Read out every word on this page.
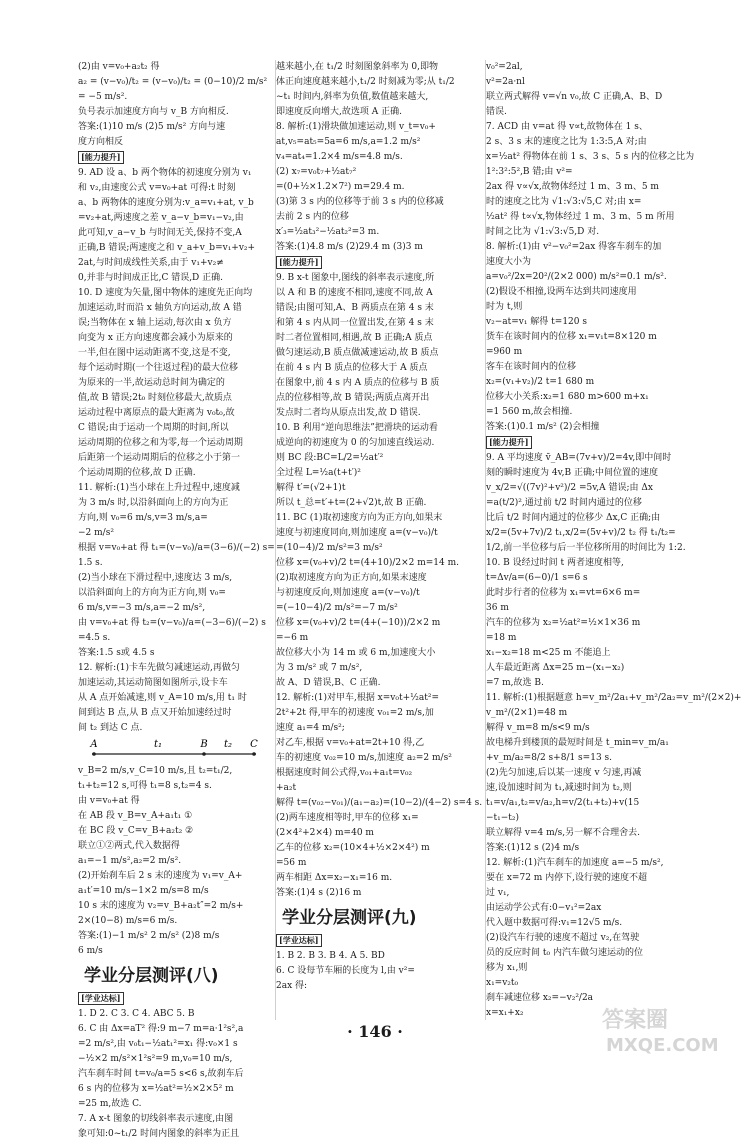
(2)由 v=v₀+a₂t₂ 得
a₂ = (v−v₀)/t₂ = (v−v₀)/t₂ = (0−10)/2 m/s²
= −5 m/s².
负号表示加速度方向与 v_B 方向相反.
答案:(1)10 m/s (2)5 m/s² 方向与速
度方向相反
[能力提升]
9. AD 设 a、b 两个物体的初速度分别为 v₁
和 v₂,由速度公式 v=v₀+at 可得:t 时刻
a、b 两物体的速度分别为:v_a=v₁+at, v_b
=v₂+at,两速度之差 v_a−v_b=v₁−v₂,由
此可知,v_a−v_b 与时间无关,保持不变,A
正确,B 错误;两速度之和 v_a+v_b=v₁+v₂+
2at,与时间成线性关系,由于 v₁+v₂≠
0,并非与时间成正比,C 错误,D 正确.
10. D 速度为矢量,图中物体的速度先正向均
加速运动,时而沿 x 轴负方向运动,故 A 错
误;当物体在 x 轴上运动,每次由 x 负方
向变为 x 正方向速度都会减小为原来的
一半,但在图中运动距离不变,这是不变,
每个运动时期(一个往返过程)的最大位移
为原来的一半,故运动总时间为确定的
值,故 B 错误;2t₀ 时刻位移最大,故质点
运动过程中离原点的最大距离为 v₀t₀,故
C 错误;由于运动一个周期的时间,所以
运动周期的位移之和为零,每一个运动周期
后距第一个运动周期后的位移之小于第一
个运动周期的位移,故 D 正确.
11. 解析:(1)当小球在上升过程中,速度减
为 3 m/s 时,以沿斜面向上的方向为正
方向,则 v₀=6 m/s,v=3 m/s,a=
−2 m/s²
根据 v=v₀+at 得 t₁=(v−v₀)/a=(3−6)/(−2) s=
1.5 s.
(2)当小球在下滑过程中,速度达 3 m/s,
以沿斜面向上的方向为正方向,则 v₀=
6 m/s,v=−3 m/s,a=−2 m/s²,
由 v=v₀+at 得 t₂=(v−v₀)/a=(−3−6)/(−2) s
=4.5 s.
答案:1.5 s或 4.5 s
12. 解析:(1)卡车先做匀减速运动,再做匀
加速运动,其运动简图如图所示,设卡车
从 A 点开始减速,则 v_A=10 m/s,用 t₁ 时
间到达 B 点,从 B 点又开始加速经过时
间 t₂ 到达 C 点.
A	t₁	B t₂ C
v_B=2 m/s,v_C=10 m/s,且 t₂=t₁/2,
t₁+t₂=12 s,可得 t₁=8 s,t₂=4 s.
由 v=v₀+at 得
在 AB 段 v_B=v_A+a₁t₁ ①
在 BC 段 v_C=v_B+a₂t₂ ②
联立①②两式,代入数据得
a₁=−1 m/s²,a₂=2 m/s².
(2)开始刹车后 2 s 末的速度为 v₁=v_A+
a₁t′=10 m/s−1×2 m/s=8 m/s
10 s 末的速度为 v₂=v_B+a₂t″=2 m/s+
2×(10−8) m/s=6 m/s.
答案:(1)−1 m/s² 2 m/s² (2)8 m/s
6 m/s
学业分层测评(八)
[学业达标]
1. D 2. C 3. C 4. ABC 5. B
6. C 由 Δx=aT² 得:9 m−7 m=a·1²s²,a
=2 m/s²,由 v₀t₁−½at₁²=x₁ 得:v₀×1 s
−½×2 m/s²×1²s²=9 m,v₀=10 m/s,
汽车刹车时间 t=v₀/a=5 s<6 s,故刹车后
6 s 内的位移为 x=½at²=½×2×5² m
=25 m,故选 C.
7. A x-t 图象的切线斜率表示速度,由图
象可知:0~t₁/2 时间内图象的斜率为正且
越来越小,在 t₁/2 时刻图象斜率为 0,即物
体正向速度越来越小,t₁/2 时刻减为零;从 t₁/2
~t₁ 时间内,斜率为负值,数值越来越大,
即速度反向增大,故选项 A 正确.
8. 解析:(1)滑块做加速运动,则 v_t=v₀+
at,v₅=at₅=5a=6 m/s,a=1.2 m/s²
v₄=at₄=1.2×4 m/s=4.8 m/s.
(2) x₇=v₀t₇+½at₇²
=(0+½×1.2×7²) m=29.4 m.
(3)第 3 s 内的位移等于前 3 s 内的位移减
去前 2 s 内的位移
x′₃=½at₃²−½at₂²=3 m.
答案:(1)4.8 m/s (2)29.4 m (3)3 m
[能力提升]
9. B x-t 图象中,图线的斜率表示速度,所
以 A 和 B 的速度不相同,速度不同,故 A
错误;由图可知,A、B 两质点在第 4 s 末
和第 4 s 内从同一位置出发,在第 4 s 末
时二者位置相同,相遇,故 B 正确;A 质点
做匀速运动,B 质点做减速运动,故 B 质点
在前 4 s 内 B 质点的位移大于 A 质点
在图象中,前 4 s 内 A 质点的位移与 B 质
点的位移相等,故 B 错误;两质点离开出
发点时二者均从原点出发,故 D 错误.
10. B 利用“逆向思维法”把滑块的运动看
成逆向的初速度为 0 的匀加速直线运动.
则 BC 段:BC=L/2=½at′²
全过程 L=½a(t+t′)²
解得 t′=(√2+1)t
所以 t_总=t′+t=(2+√2)t,故 B 正确.
11. BC (1)取初速度方向为正方向,如果末
速度与初速度同向,则加速度 a=(v−v₀)/t
=(10−4)/2 m/s²=3 m/s²
位移 x=(v₀+v)/2 t=(4+10)/2×2 m=14 m.
(2)取初速度方向为正方向,如果末速度
与初速度反向,则加速度 a=(v−v₀)/t
=(−10−4)/2 m/s²=−7 m/s²
位移 x=(v₀+v)/2 t=(4+(−10))/2×2 m
=−6 m
故位移大小为 14 m 或 6 m,加速度大小
为 3 m/s² 或 7 m/s²,
故 A、D 错误,B、C 正确.
12. 解析:(1)对甲车,根据 x=v₀t+½at²=
2t²+2t 得,甲车的初速度 v₀₁=2 m/s,加
速度 a₁=4 m/s²;
对乙车,根据 v=v₀+at=2t+10 得,乙
车的初速度 v₀₂=10 m/s,加速度 a₂=2 m/s²
根据速度时间公式得,v₀₁+a₁t=v₀₂
+a₂t
解得 t=(v₀₂−v₀₁)/(a₁−a₂)=(10−2)/(4−2) s=4 s.
(2)两车速度相等时,甲车的位移 x₁=
(2×4²+2×4) m=40 m
乙车的位移 x₂=(10×4+½×2×4²) m
=56 m
两车相距 Δx=x₂−x₁=16 m.
答案:(1)4 s (2)16 m
学业分层测评(九)
[学业达标]
1. B 2. B 3. B 4. A 5. BD
6. C 设每节车厢的长度为 l,由 v²=
2ax 得:
v₀²=2al,
v²=2a·nl
联立两式解得 v=√n v₀,故 C 正确,A、B、D
错误.
7. ACD 由 v=at 得 v∝t,故物体在 1 s、
2 s、3 s 末的速度之比为 1:3:5,A 对;由
x=½at² 得物体在前 1 s、3 s、5 s 内的位移之比为
1²:3²:5²,B 错;由 v²=
2ax 得 v∝√x,故物体经过 1 m、3 m、5 m
时的速度之比为 √1:√3:√5,C 对;由 x=
½at² 得 t∝√x,物体经过 1 m、3 m、5 m 所用
时间之比为 √1:√3:√5,D 对.
8. 解析:(1)由 v²−v₀²=2ax 得客车刹车的加
速度大小为
a=v₀²/2x=20²/(2×2 000) m/s²=0.1 m/s².
(2)假设不相撞,设两车达到共同速度用
时为 t,则
v₂−at=v₁ 解得 t=120 s
货车在该时间内的位移 x₁=v₁t=8×120 m
=960 m
客车在该时间内的位移
x₂=(v₁+v₂)/2 t=1 680 m
位移大小关系:x₂=1 680 m>600 m+x₁
=1 560 m,故会相撞.
答案:(1)0.1 m/s² (2)会相撞
[能力提升]
9. A 平均速度 v̄_AB=(7v+v)/2=4v,即中间时
刻的瞬时速度为 4v,B 正确;中间位置的速度
v_x/2=√((7v)²+v²)/2 =5v,A 错误;由 Δx
=a(t/2)²,通过前 t/2 时间内通过的位移
比后 t/2 时间内通过的位移少 Δx,C 正确;由
x/2=(5v+7v)/2 t₁,x/2=(5v+v)/2 t₂ 得 t₁/t₂=
1/2,前一半位移与后一半位移所用的时间比为 1:2.
10. B 设经过时间 t 两者速度相等,
t=Δv/a=(6−0)/1 s=6 s
此时步行者的位移为 x₁=vt=6×6 m=
36 m
汽车的位移为 x₂=½at²=½×1×36 m
=18 m
x₁−x₂=18 m<25 m 不能追上
人车最近距离 Δx=25 m−(x₁−x₂)
=7 m,故选 B.
11. 解析:(1)根据题意 h=v_m²/2a₁+v_m²/2a₂=v_m²/(2×2)+
v_m²/(2×1)=48 m
解得 v_m=8 m/s<9 m/s
故电梯升到楼顶的最短时间是 t_min=v_m/a₁
+v_m/a₂=8/2 s+8/1 s=13 s.
(2)先匀加速,后以某一速度 v 匀速,再减
速,设加速时间为 t₁,减速时间为 t₂,则
t₁=v/a₁,t₂=v/a₂,h=v/2(t₁+t₂)+v(15
−t₁−t₂)
联立解得 v=4 m/s,另一解不合理舍去.
答案:(1)12 s (2)4 m/s
12. 解析:(1)汽车刹车的加速度 a=−5 m/s²,
要在 x=72 m 内停下,设行驶的速度不超
过 v₁,
由运动学公式有:0−v₁²=2ax
代入题中数据可得:v₁=12√5 m/s.
(2)设汽车行驶的速度不超过 v₂,在驾驶
员的反应时间 t₀ 内汽车做匀速运动的位
移为 x₁,则
x₁=v₂t₀
刹车减速位移 x₂=−v₂²/2a
x=x₁+x₂
· 146 ·	答案圈
MXQE.COM
